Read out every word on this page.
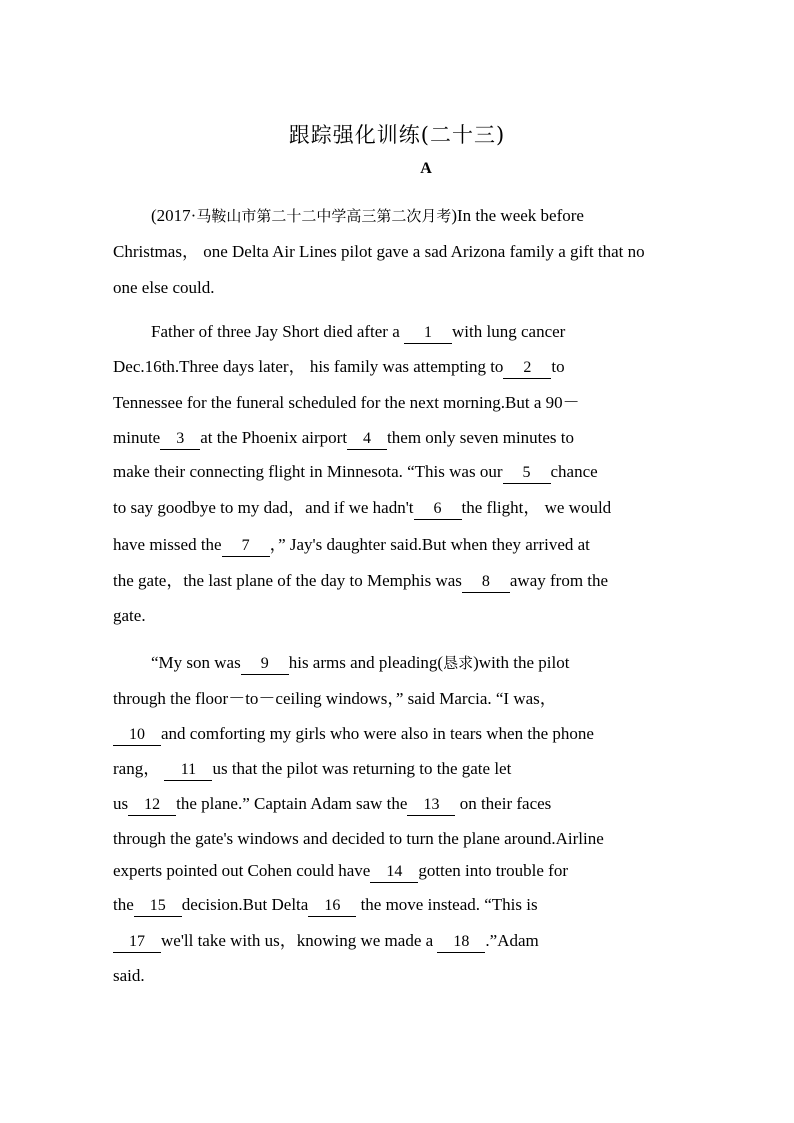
跟踪强化训练(二十三)
A
(2017·马鞍山市第二十二中学高三第二次月考)In the week before
Christmas， one Delta Air Lines pilot gave a sad Arizona family a gift that no
one else could.
Father of three Jay Short died after a 1 with lung cancer
Dec.16th.Three days later， his family was attempting to 2 to
Tennessee for the funeral scheduled for the next morning.But a 90－
minute 3 at the Phoenix airport 4 them only seven minutes to
make their connecting flight in Minnesota. “This was our 5 chance
to say goodbye to my dad，and if we hadn't 6 the flight， we would
have missed the 7 ，” Jay's daughter said.But when they arrived at
the gate，the last plane of the day to Memphis was 8 away from the
gate.
“My son was 9 his arms and pleading(恳求)with the pilot
through the floor－to－ceiling windows，” said Marcia. “I was，
10 and comforting my girls who were also in tears when the phone
rang， 11 us that the pilot was returning to the gate let
us 12 the plane.” Captain Adam saw the 13 on their faces
through the gate's windows and decided to turn the plane around.Airline
experts pointed out Cohen could have 14 gotten into trouble for
the 15 decision.But Delta 16 the move instead. “This is
17 we'll take with us，knowing we made a 18 .”Adam
said.
